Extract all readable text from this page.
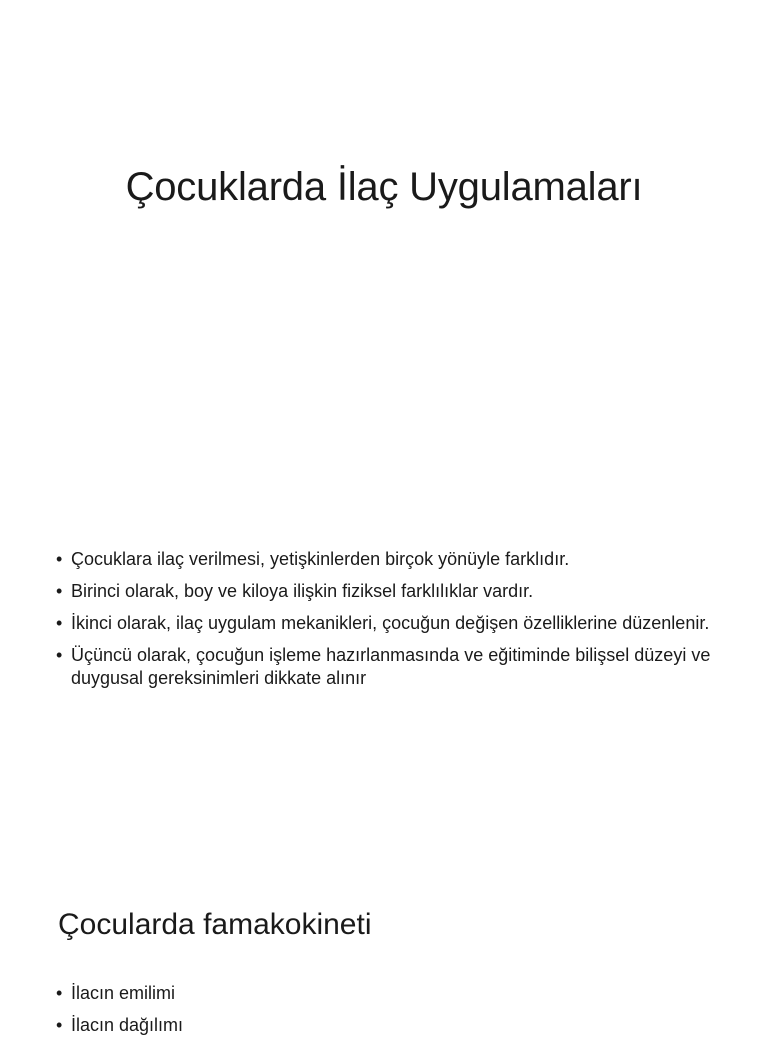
Çocuklarda İlaç Uygulamaları
• Çocuklara ilaç verilmesi, yetişkinlerden birçok yönüyle farklıdır.
• Birinci olarak, boy ve kiloya ilişkin fiziksel farklılıklar vardır.
• İkinci olarak, ilaç uygulam mekanikleri, çocuğun değişen özelliklerine düzenlenir.
• Üçüncü olarak, çocuğun işleme hazırlanmasında ve eğitiminde bilişsel düzeyi ve duygusal gereksinimleri dikkate alınır
Çocularda famakokineti
• İlacın emilimi
• İlacın dağılımı
